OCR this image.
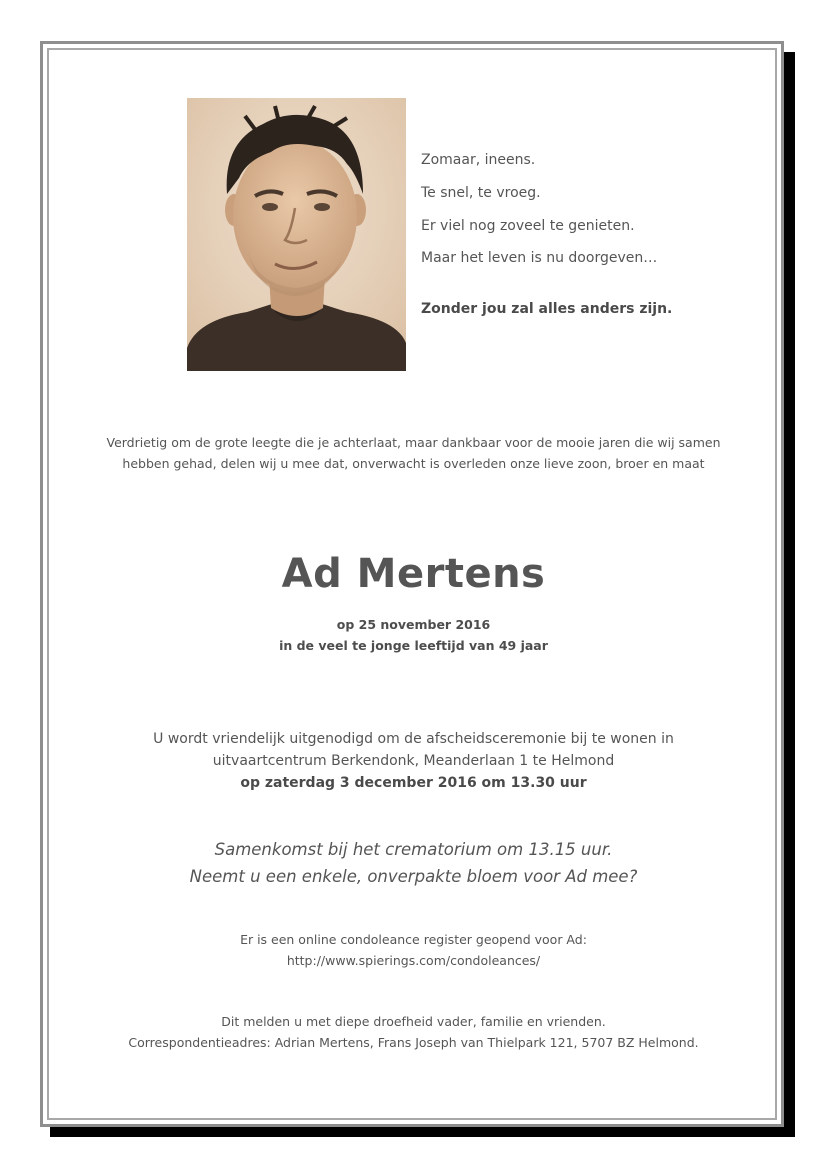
Zomaar, ineens.
Te snel, te vroeg.
Er viel nog zoveel te genieten.
Maar het leven is nu doorgeven…
Zonder jou zal alles anders zijn.
Verdrietig om de grote leegte die je achterlaat, maar dankbaar voor de mooie jaren die wij samen
hebben gehad, delen wij u mee dat, onverwacht is overleden onze lieve zoon, broer en maat
Ad Mertens
op 25 november 2016
in de veel te jonge leeftijd van 49 jaar
U wordt vriendelijk uitgenodigd om de afscheidsceremonie bij te wonen in
uitvaartcentrum Berkendonk, Meanderlaan 1 te Helmond
op zaterdag 3 december 2016 om 13.30 uur
Samenkomst bij het crematorium om 13.15 uur.
Neemt u een enkele, onverpakte bloem voor Ad mee?
Er is een online condoleance register geopend voor Ad:
http://www.spierings.com/condoleances/
Dit melden u met diepe droefheid vader, familie en vrienden.
Correspondentieadres: Adrian Mertens, Frans Joseph van Thielpark 121, 5707 BZ Helmond.
